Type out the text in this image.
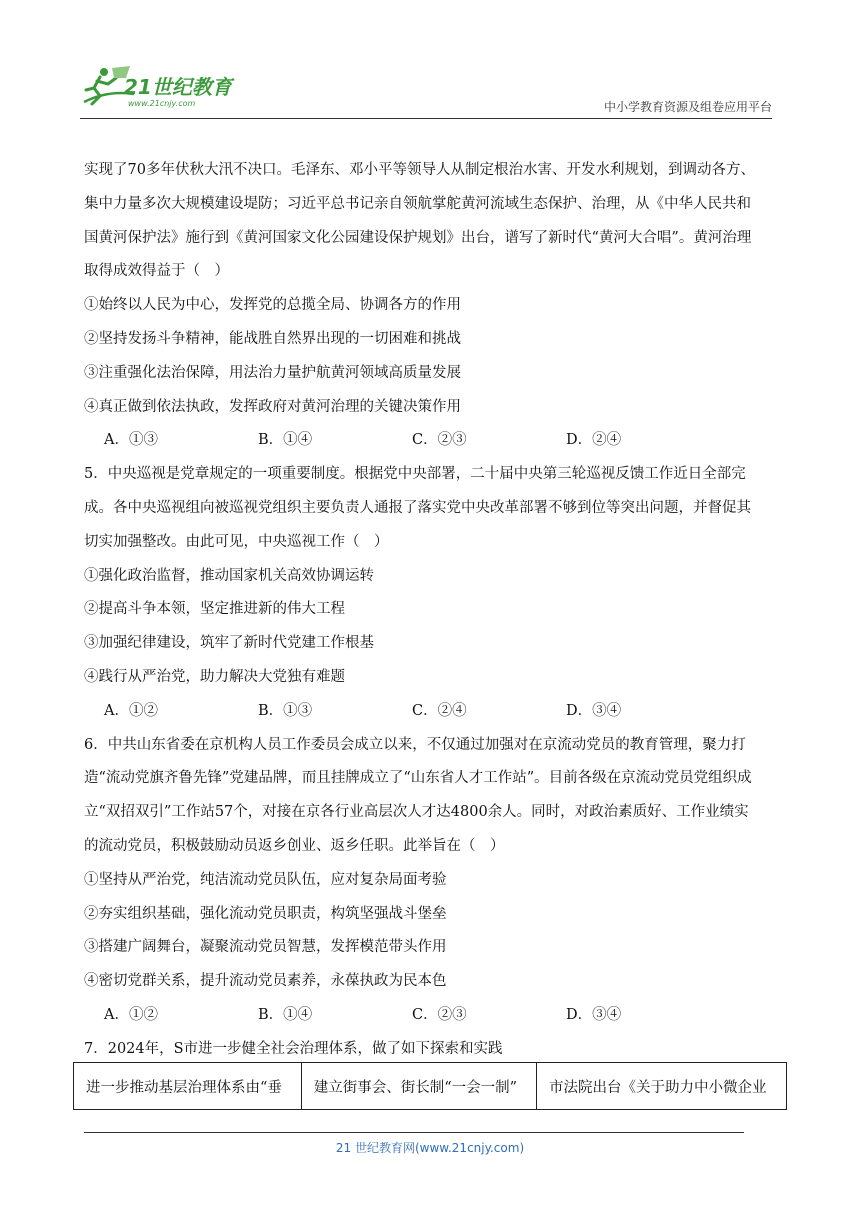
21世纪教育
www.21cnjy.com	中小学教育资源及组卷应用平台
实现了70多年伏秋大汛不决口。毛泽东、邓小平等领导人从制定根治水害、开发水利规划，到调动各方、
集中力量多次大规模建设堤防；习近平总书记亲自领航掌舵黄河流域生态保护、治理，从《中华人民共和
国黄河保护法》施行到《黄河国家文化公园建设保护规划》出台，谱写了新时代“黄河大合唱”。黄河治理
取得成效得益于（　）
①始终以人民为中心，发挥党的总揽全局、协调各方的作用
②坚持发扬斗争精神，能战胜自然界出现的一切困难和挑战
③注重强化法治保障，用法治力量护航黄河领域高质量发展
④真正做到依法执政，发挥政府对黄河治理的关键决策作用
A．①③	B．①④	C．②③	D．②④
5．中央巡视是党章规定的一项重要制度。根据党中央部署，二十届中央第三轮巡视反馈工作近日全部完
成。各中央巡视组向被巡视党组织主要负责人通报了落实党中央改革部署不够到位等突出问题，并督促其
切实加强整改。由此可见，中央巡视工作（　）
①强化政治监督，推动国家机关高效协调运转
②提高斗争本领，坚定推进新的伟大工程
③加强纪律建设，筑牢了新时代党建工作根基
④践行从严治党，助力解决大党独有难题
A．①②	B．①③	C．②④	D．③④
6．中共山东省委在京机构人员工作委员会成立以来，不仅通过加强对在京流动党员的教育管理，聚力打
造“流动党旗齐鲁先锋”党建品牌，而且挂牌成立了“山东省人才工作站”。目前各级在京流动党员党组织成
立“双招双引”工作站57个，对接在京各行业高层次人才达4800余人。同时，对政治素质好、工作业绩实
的流动党员，积极鼓励动员返乡创业、返乡任职。此举旨在（　）
①坚持从严治党，纯洁流动党员队伍，应对复杂局面考验
②夯实组织基础，强化流动党员职责，构筑坚强战斗堡垒
③搭建广阔舞台，凝聚流动党员智慧，发挥模范带头作用
④密切党群关系，提升流动党员素养，永葆执政为民本色
A．①②	B．①④	C．②③	D．③④
7．2024年，S市进一步健全社会治理体系，做了如下探索和实践
进一步推动基层治理体系由“垂	建立街事会、街长制“一会一制”	市法院出台《关于助力中小微企业
21 世纪教育网(www.21cnjy.com)
